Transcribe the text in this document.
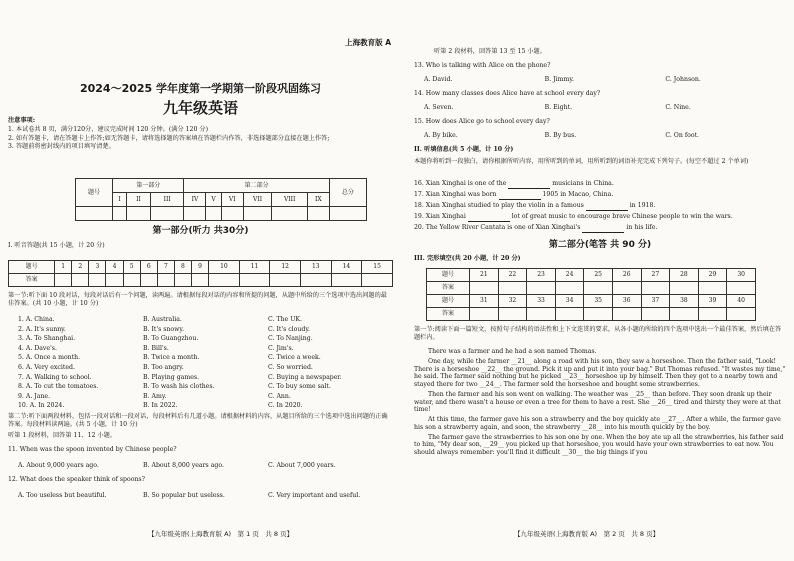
上海教育版 A
2024～2025 学年度第一学期第一阶段巩固练习
九年级英语

注意事项:

1. 本试卷共 8 页，满分120分，建议完成时间 120 分钟。(满分 120 分)

2. 如有答题卡，请在答题卡上作答;如无答题卡，请将选择题的答案填在答题栏内作答，非选择题部分直接在题上作答;

3. 答题前将密封线内的项目填写清楚。

题号	第一部分			第二部分						总分
	I	II	III	IV	V	VI	VII	VIII	IX	

第一部分(听力 共30分)
I. 听音答题(共 15 小题，计 20 分)
题号	1	2	3	4	5	6	7	8	9	10	11	12	13	14	15
答案															
第一节:听下面 10 段对话，每段对话后有一个问题，读两遍。请根据每段对话的内容和所提的问题，从题中所给的三个选项中选出问题的最佳答案。(共 10 小题，计 10 分)
1. A. China.	B. Australia.	C. The UK.
2. A. It's sunny.	B. It's snowy.	C. It's cloudy.
3. A. To Shanghai.	B. To Guangzhou.	C. To Nanjing.
4. A. Dave's.	B. Bill's.	C. Jim's.
5. A. Once a month.	B. Twice a month.	C. Twice a week.
6. A. Very excited.	B. Too angry.	C. So worried.
7. A. Walking to school.	B. Playing games.	C. Buying a newspaper.
8. A. To cut the tomatoes.	B. To wash his clothes.	C. To buy some salt.
9. A. Jane.	B. Amy.	C. Ann.
10. A. In 2024.	B. In 2022.	C. In 2020.
第二节:听下面两段材料，包括一段对话和一段对话，每段材料后有几道小题。请根据材料的内容，从题目所给的三个选项中选出问题的正确答案。每段材料读两遍。(共 5 小题，计 10 分)
听第 1 段材料，回答第 11、12 小题。
11. When was the spoon invented by Chinese people?
A. About 9,000 years ago.	B. About 8,000 years ago.	C. About 7,000 years.
12. What does the speaker think of spoons?
A. Too useless but beautiful.	B. So popular but useless.	C. Very important and useful.
【九年级英语(上海教育版 A)　第 1 页　共 8 页】
听第 2 段材料，回答第 13 至 15 小题。
13. Who is talking with Alice on the phone?
A. David.	B. Jimmy.	C. Johnson.
14. How many classes does Alice have at school every day?
A. Seven.	B. Eight.	C. Nine.
15. How does Alice go to school every day?
A. By bike.	B. By bus.	C. On foot.
II. 听填信息(共 5 小题，计 10 分)
本题你将听到一段独白，请你根据所听内容，用所听到的单词，用所听到的词语补充完成下列句子。(每空不超过 2 个单词)
16. Xian Xinghai is one of the	musicians in China.
17. Xian Xinghai was born	1905 in Macao, China.
18. Xian Xinghai studied to play the violin in a famous	in 1918.
19. Xian Xinghai	lot of great music to encourage brave Chinese people to win the wars.
20. The Yellow River Cantata is one of Xian Xinghai's	in his life.
第二部分(笔答 共 90 分)
III. 完形填空(共 20 小题，计 20 分)
题号	21	22	23	24	25	26	27	28	29	30
答案										
题号	31	32	33	34	35	36	37	38	39	40
答案										
第一节:阅读下面一篇短文，按照句子结构的语法性和上下文连贯的要求，从各小题的所给的四个选项中选出一个最佳答案，然后填在答题栏内。

There was a farmer and he had a son named Thomas.

One day, while the farmer __21__ along a road with his son, they saw a horseshoe. Then the father said, "Look! There is a horseshoe __22__ the ground. Pick it up and put it into your bag." But Thomas refused. "It wastes my time," he said. The farmer said nothing but he picked __23__ horseshoe up by himself. Then they got to a nearby town and stayed there for two __24__. The farmer sold the horseshoe and bought some strawberries.

Then the farmer and his son went on walking. The weather was __25__ than before. They soon drank up their water, and there wasn't a house or even a tree for them to have a rest. She __26__ tired and thirsty they were at that time!

At this time, the farmer gave his son a strawberry and the boy quickly ate __27__. After a while, the farmer gave his son a strawberry again, and soon, the strawberry __28__ into his mouth quickly by the boy.

The farmer gave the strawberries to his son one by one. When the boy ate up all the strawberries, his father said to him, "My dear son, __29__ you picked up that horseshoe, you would have your own strawberries to eat now. You should always remember: you'll find it difficult __30__ the big things if you

【九年级英语(上海教育版 A)　第 2 页　共 8 页】
